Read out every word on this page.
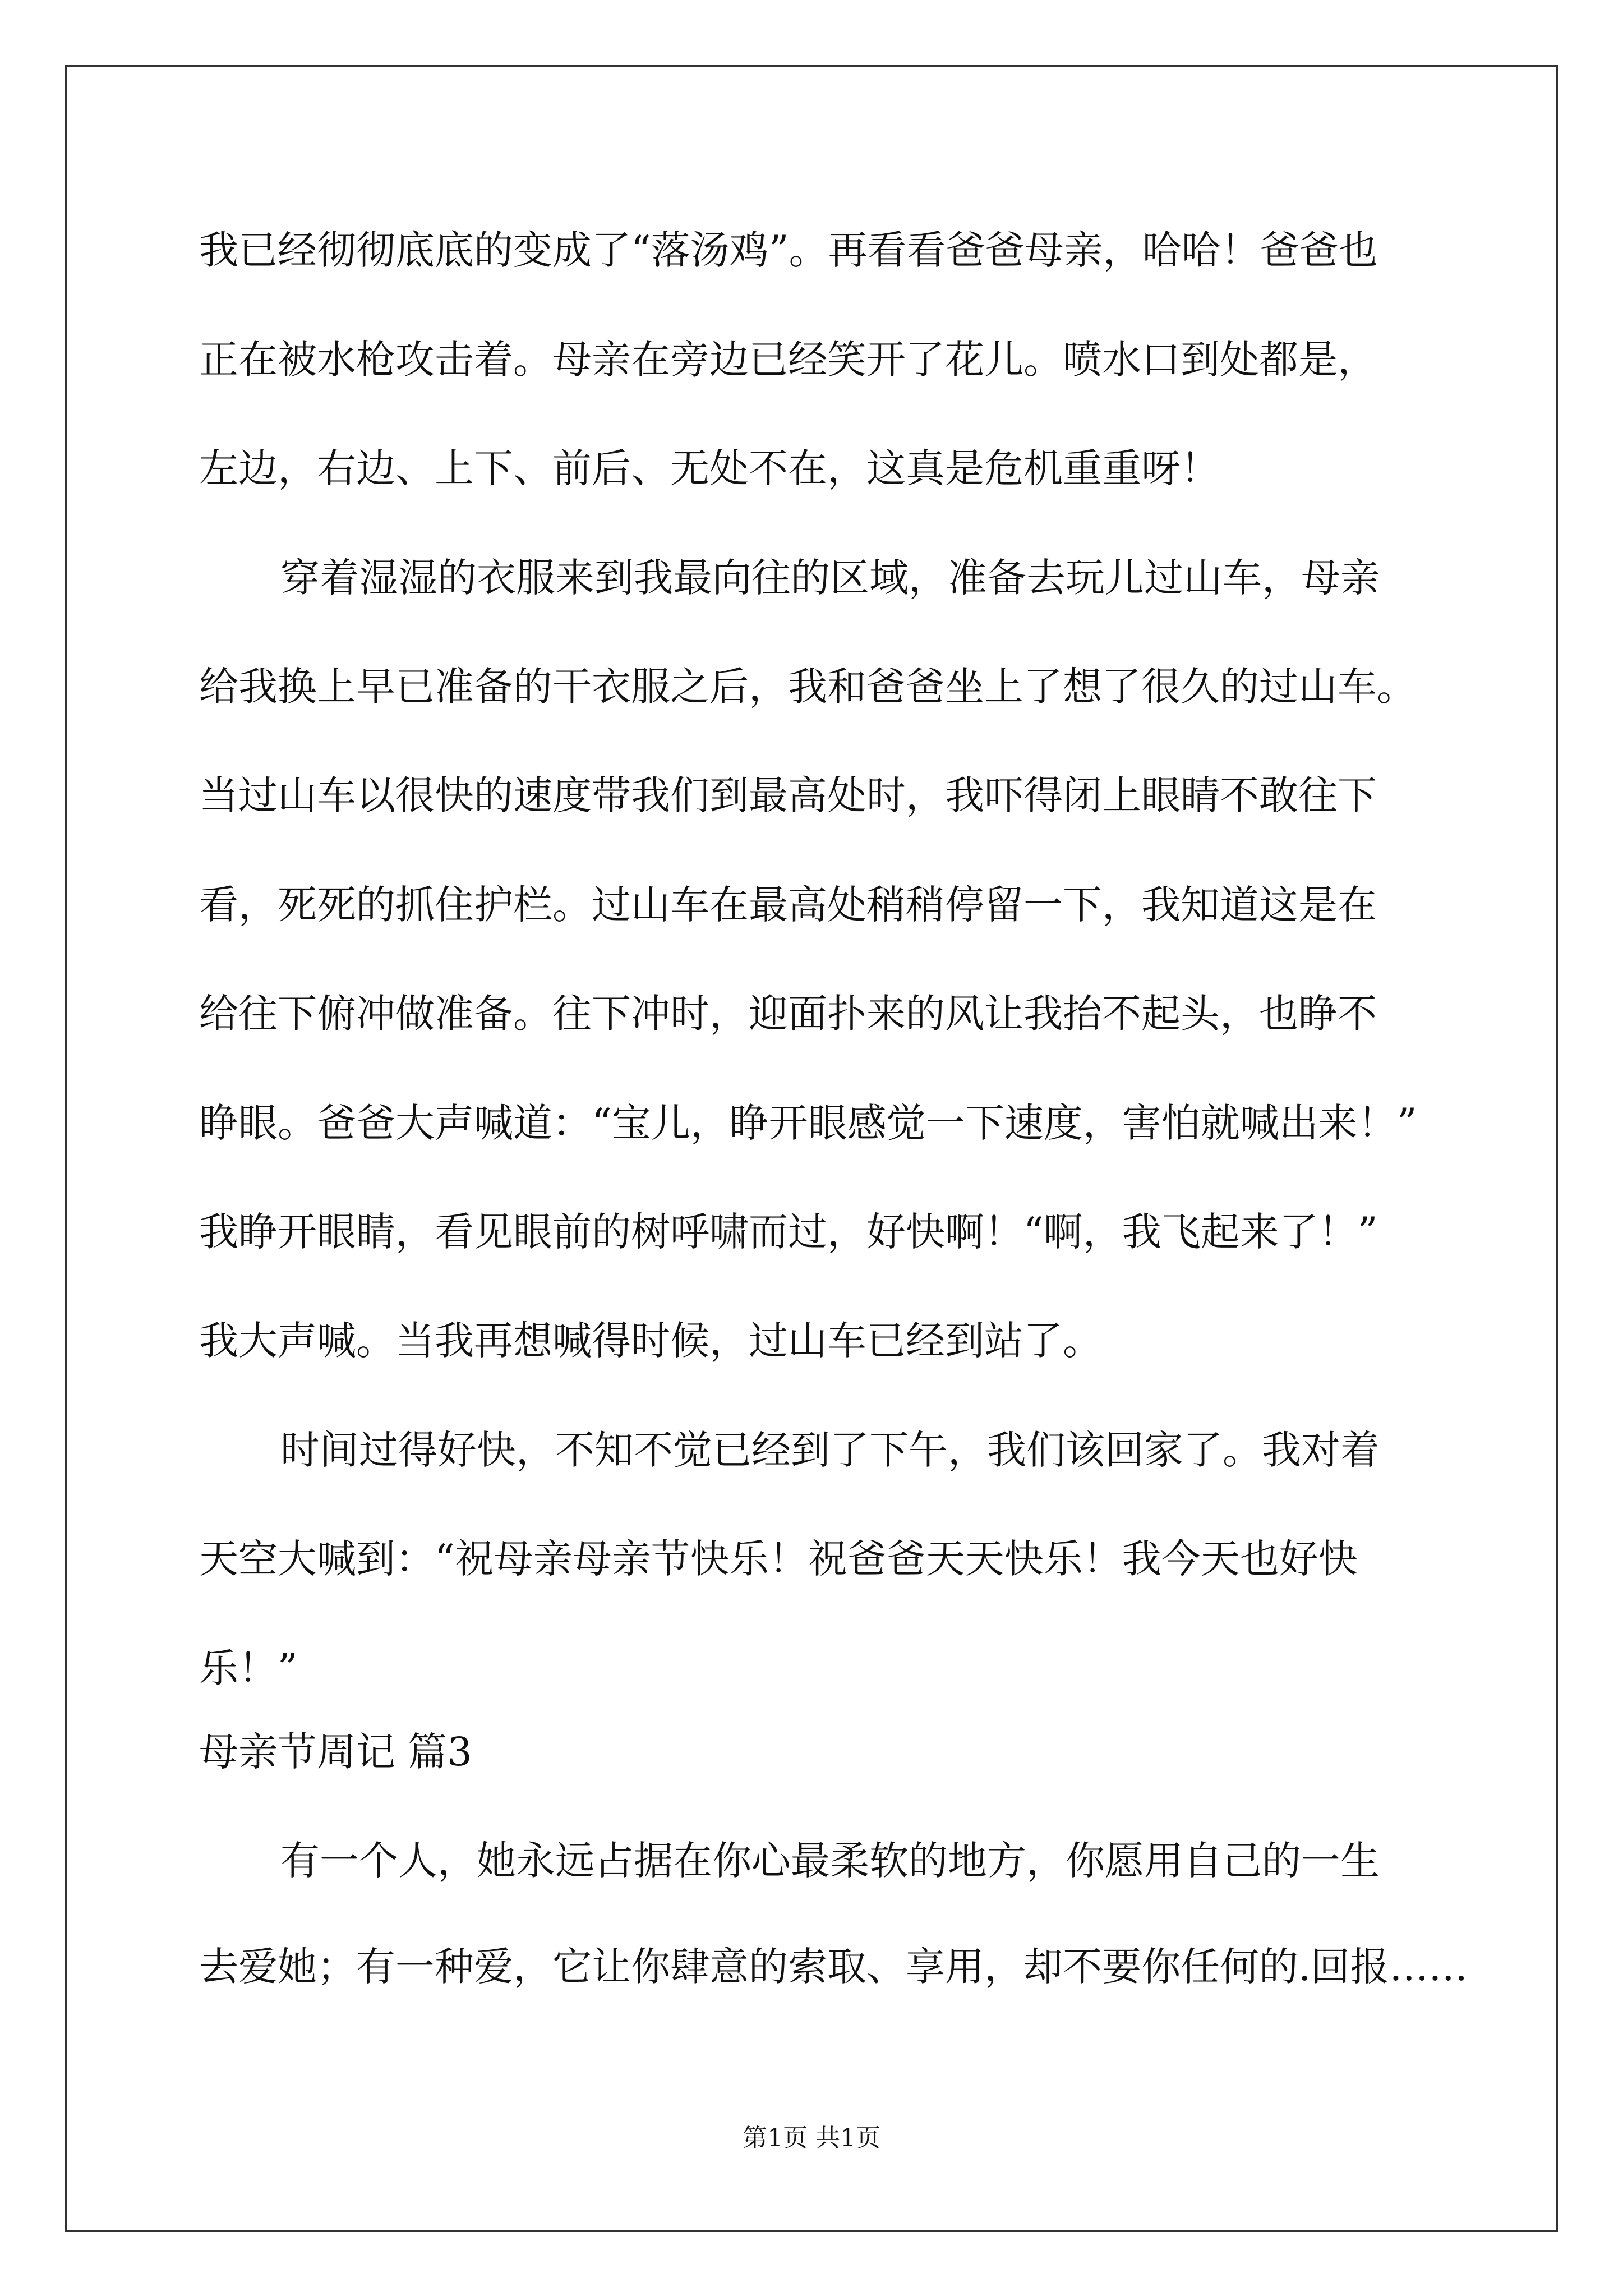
我已经彻彻底底的变成了“落汤鸡”。再看看爸爸母亲，哈哈！爸爸也
正在被水枪攻击着。母亲在旁边已经笑开了花儿。喷水口到处都是，
左边，右边、上下、前后、无处不在，这真是危机重重呀！
穿着湿湿的衣服来到我最向往的区域，准备去玩儿过山车，母亲
给我换上早已准备的干衣服之后，我和爸爸坐上了想了很久的过山车。
当过山车以很快的速度带我们到最高处时，我吓得闭上眼睛不敢往下
看，死死的抓住护栏。过山车在最高处稍稍停留一下，我知道这是在
给往下俯冲做准备。往下冲时，迎面扑来的风让我抬不起头，也睁不
睁眼。爸爸大声喊道：“宝儿，睁开眼感觉一下速度，害怕就喊出来！”
我睁开眼睛，看见眼前的树呼啸而过，好快啊！“啊，我飞起来了！”
我大声喊。当我再想喊得时候，过山车已经到站了。
时间过得好快，不知不觉已经到了下午，我们该回家了。我对着
天空大喊到：“祝母亲母亲节快乐！祝爸爸天天快乐！我今天也好快
乐！”
母亲节周记 篇3
有一个人，她永远占据在你心最柔软的地方，你愿用自己的一生
去爱她；有一种爱，它让你肆意的索取、享用，却不要你任何的.回报……
第1页 共1页
